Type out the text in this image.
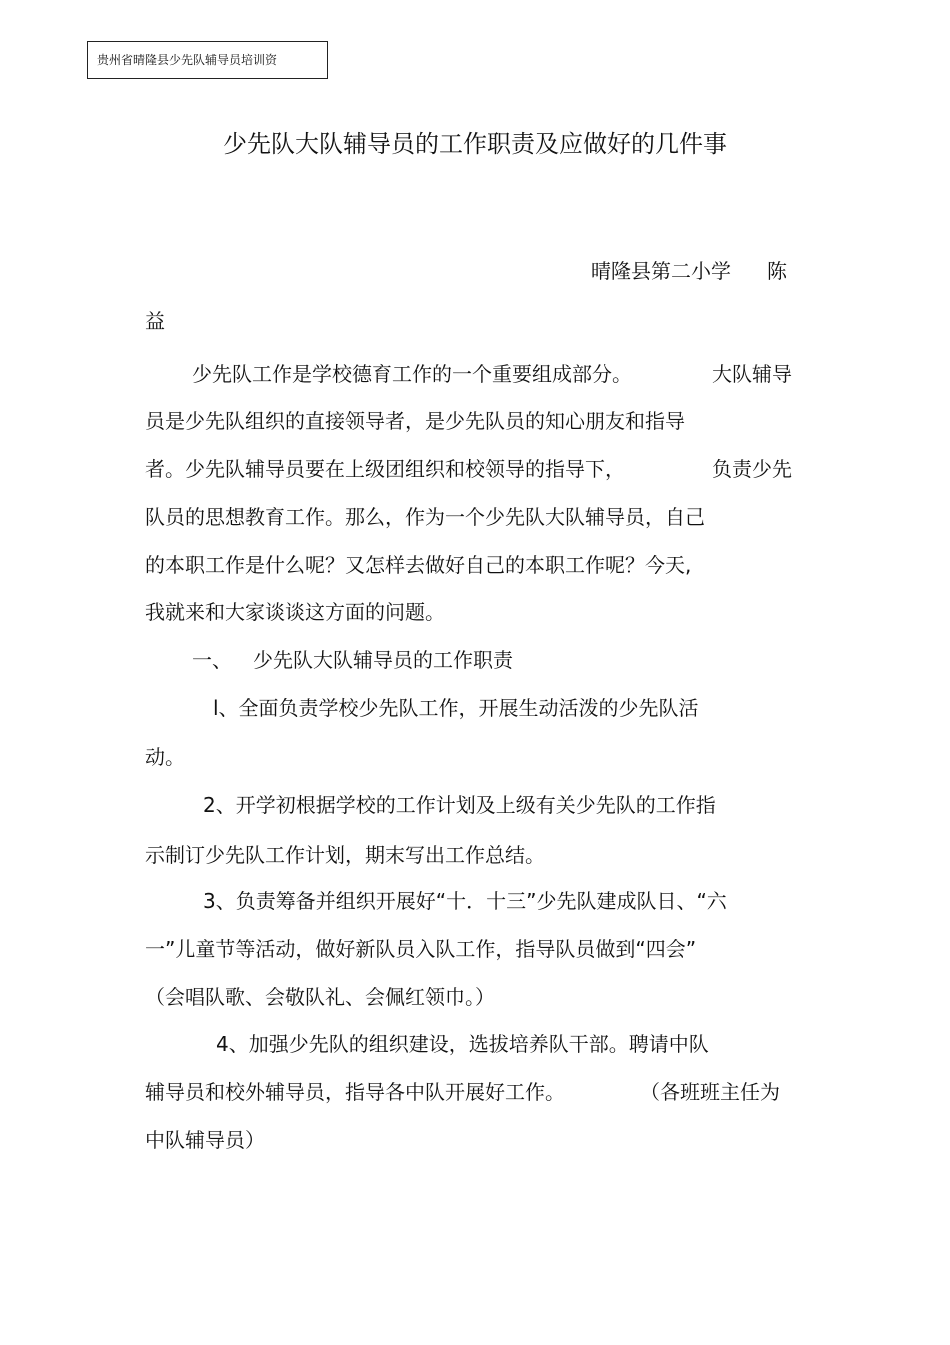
贵州省晴隆县少先队辅导员培训资
少先队大队辅导员的工作职责及应做好的几件事
晴隆县第二小学 陈
益
少先队工作是学校德育工作的一个重要组成部分。	大队辅导
员是少先队组织的直接领导者，是少先队员的知心朋友和指导
者。少先队辅导员要在上级团组织和校领导的指导下，	负责少先
队员的思想教育工作。那么，作为一个少先队大队辅导员，自己
的本职工作是什么呢？又怎样去做好自己的本职工作呢？今天,
我就来和大家谈谈这方面的问题。
一、 少先队大队辅导员的工作职责
l、全面负责学校少先队工作，开展生动活泼的少先队活
动。
2、开学初根据学校的工作计划及上级有关少先队的工作指
示制订少先队工作计划，期末写出工作总结。
3、负责筹备并组织开展好“十．十三”少先队建成队日、“六
一”儿童节等活动，做好新队员入队工作，指导队员做到“四会”
（会唱队歌、会敬队礼、会佩红领巾。）
4、加强少先队的组织建设，选拔培养队干部。聘请中队
辅导员和校外辅导员，指导各中队开展好工作。	（各班班主任为
中队辅导员）
